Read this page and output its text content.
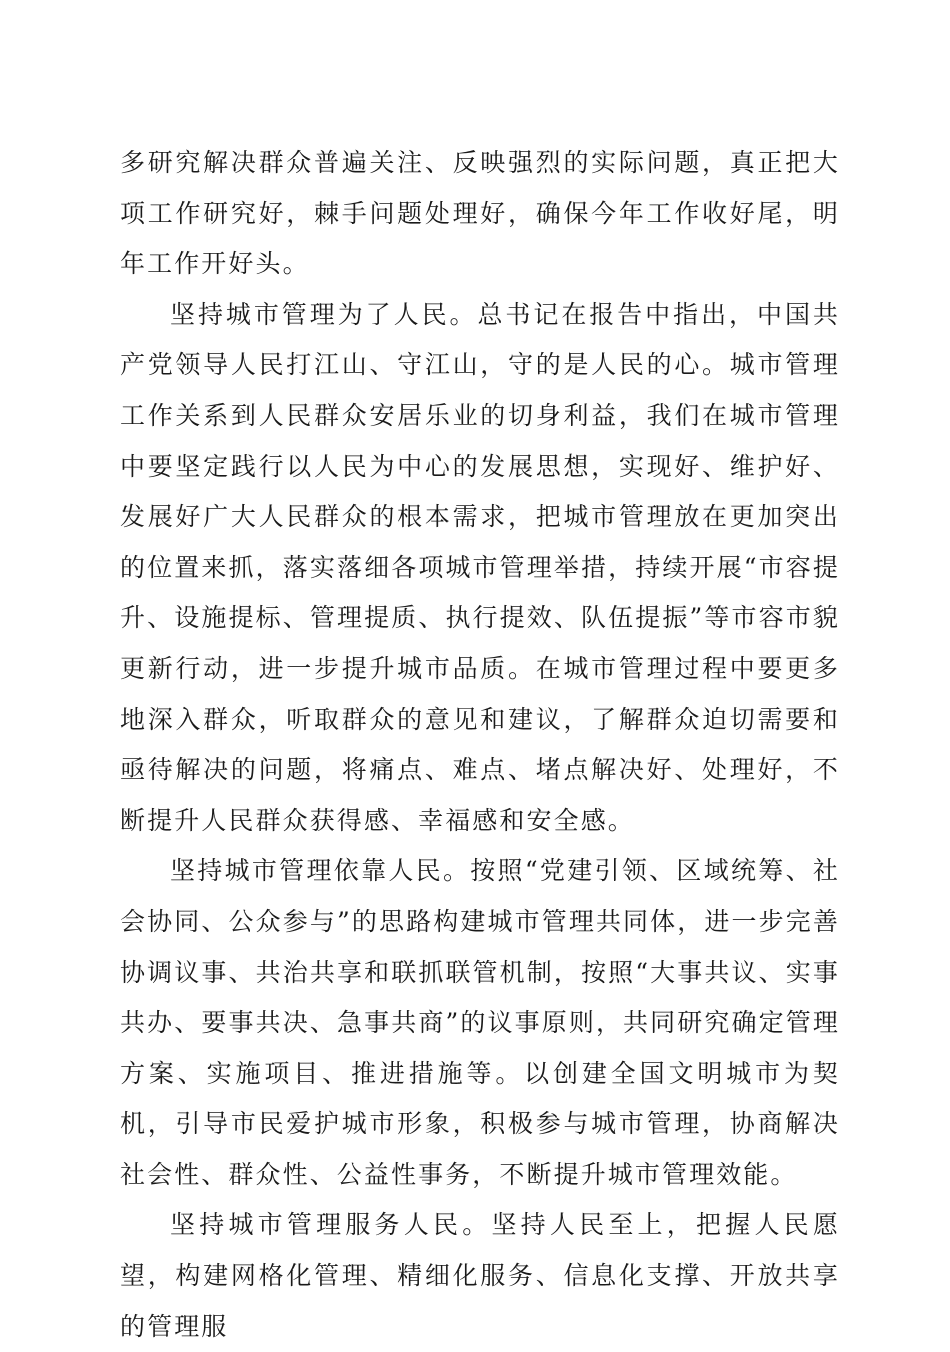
多研究解决群众普遍关注、反映强烈的实际问题，真正把大项工作研究好，棘手问题处理好，确保今年工作收好尾，明年工作开好头。

坚持城市管理为了人民。总书记在报告中指出，中国共产党领导人民打江山、守江山，守的是人民的心。城市管理工作关系到人民群众安居乐业的切身利益，我们在城市管理中要坚定践行以人民为中心的发展思想，实现好、维护好、发展好广大人民群众的根本需求，把城市管理放在更加突出的位置来抓，落实落细各项城市管理举措，持续开展“市容提升、设施提标、管理提质、执行提效、队伍提振”等市容市貌更新行动，进一步提升城市品质。在城市管理过程中要更多地深入群众，听取群众的意见和建议，了解群众迫切需要和亟待解决的问题，将痛点、难点、堵点解决好、处理好，不断提升人民群众获得感、幸福感和安全感。

坚持城市管理依靠人民。按照“党建引领、区域统筹、社会协同、公众参与”的思路构建城市管理共同体，进一步完善协调议事、共治共享和联抓联管机制，按照“大事共议、实事共办、要事共决、急事共商”的议事原则，共同研究确定管理方案、实施项目、推进措施等。以创建全国文明城市为契机，引导市民爱护城市形象，积极参与城市管理，协商解决社会性、群众性、公益性事务，不断提升城市管理效能。

坚持城市管理服务人民。坚持人民至上，把握人民愿望，构建网格化管理、精细化服务、信息化支撑、开放共享的管理服
